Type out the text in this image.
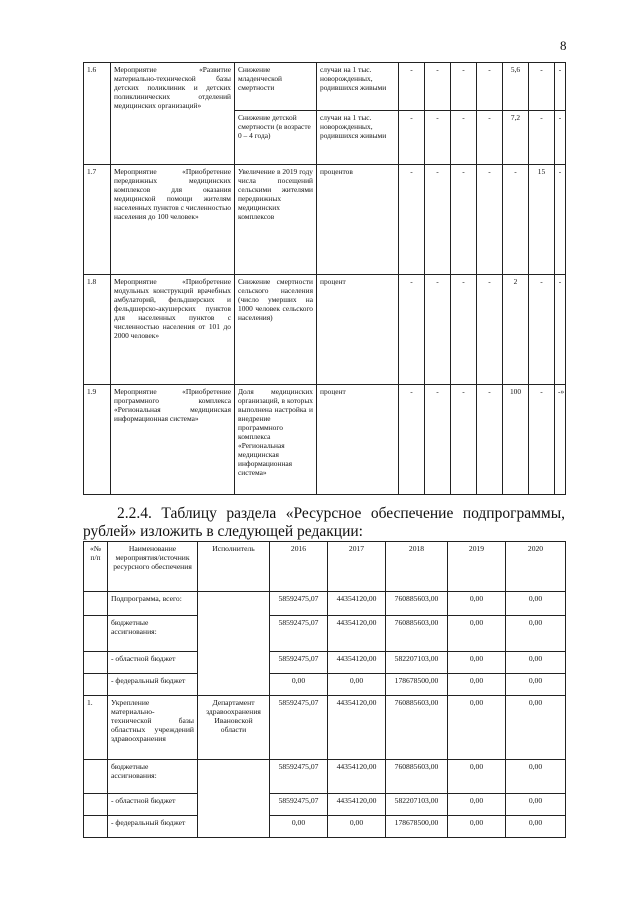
8
1.6	Мероприятие «Развитие материально-технической базы детских поликлиник и детских поликлинических отделений медицинских организаций»	Снижение младенческой смертности	случаи на 1 тыс. новорожденных, родившихся живыми	-	-	-	-	5,6	-	-
		Снижение детской смертности (в возрасте 0 – 4 года)	случаи на 1 тыс. новорожденных, родившихся живыми	-	-	-	-	7,2	-	-
1.7	Мероприятие «Приобретение передвижных медицинских комплексов для оказания медицинской помощи жителям населенных пунктов с численностью населения до 100 человек»	Увеличение в 2019 году числа посещений сельскими жителями передвижных медицинских комплексов	процентов	-	-	-	-	-	15	-
1.8	Мероприятие «Приобретение модульных конструкций врачебных амбулаторий, фельдшерских и фельдшерско-акушерских пунктов для населенных пунктов с численностью населения от 101 до 2000 человек»	Снижение смертности сельского населения (число умерших на 1000 человек сельского населения)	процент	-	-	-	-	2	-	-
1.9	Мероприятие «Приобретение программного комплекса «Региональная медицинская информационная система»	Доля медицинских организаций, в которых выполнена настройка и внедрение программного комплекса «Региональная медицинская информационная система»	процент	-	-	-	-	100	-	-»
2.2.4. Таблицу раздела «Ресурсное обеспечение подпрограммы, рублей» изложить в следующей редакции:
«№ п/п	Наименование мероприятия/источник ресурсного обеспечения	Исполнитель	2016	2017	2018	2019	2020
	Подпрограмма, всего:		58592475,07	44354120,00	760885603,00	0,00	0,00
	бюджетные ассигнования:		58592475,07	44354120,00	760885603,00	0,00	0,00
	- областной бюджет		58592475,07	44354120,00	582207103,00	0,00	0,00
	- федеральный бюджет		0,00	0,00	178678500,00	0,00	0,00
1.	Укрепление материально-технической базы областных учреждений здравоохранения	Департамент здравоохранения Ивановской области	58592475,07	44354120,00	760885603,00	0,00	0,00
	бюджетные ассигнования:		58592475,07	44354120,00	760885603,00	0,00	0,00
	- областной бюджет		58592475,07	44354120,00	582207103,00	0,00	0,00
	- федеральный бюджет		0,00	0,00	178678500,00	0,00	0,00
